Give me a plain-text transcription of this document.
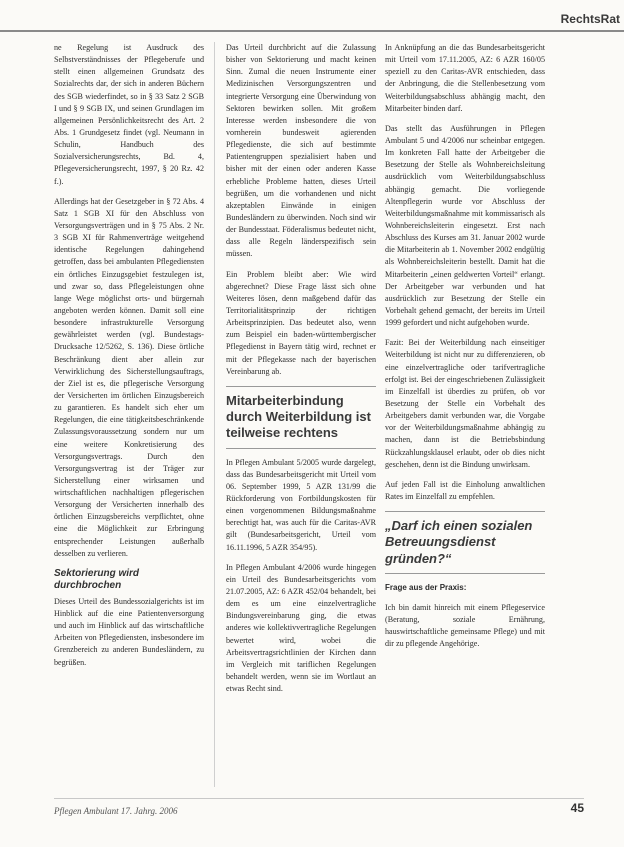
RechtsRat

ne Regelung ist Ausdruck des Selbstverständnisses der Pflegeberufe und stellt einen allgemeinen Grundsatz des Sozialrechts dar, der sich in anderen Büchern des SGB wiederfindet, so in § 33 Satz 2 SGB I und § 9 SGB IX, und seinen Grundlagen im allgemeinen Persönlichkeitsrecht des Art. 2 Abs. 1 Grundgesetz findet (vgl. Neumann in Schulin, Handbuch des Sozialversicherungsrechts, Bd. 4, Pflegeversicherungsrecht, 1997, § 20 Rz. 42 f.).

Allerdings hat der Gesetzgeber in § 72 Abs. 4 Satz 1 SGB XI für den Abschluss von Versorgungsverträgen und in § 75 Abs. 2 Nr. 3 SGB XI für Rahmenverträge weitgehend identische Regelungen dahingehend getroffen, dass bei ambulanten Pflegediensten ein örtliches Einzugsgebiet festzulegen ist, und zwar so, dass Pflegeleistungen ohne lange Wege möglichst orts- und bürgernah angeboten werden können. Damit soll eine besondere infrastrukturelle Versorgung gewährleistet werden (vgl. Bundestags-Drucksache 12/5262, S. 136). Diese örtliche Beschränkung dient aber allein zur Verwirklichung des Sicherstellungsauftrags, der Ziel ist es, die pflegerische Versorgung der Versicherten im örtlichen Einzugsbereich zu garantieren. Es handelt sich eher um Regelungen, die eine tätigkeitsbeschränkende Zulassungsvoraussetzung sondern nur um eine weitere Konkretisierung des Versorgungsvertrags. Durch den Versorgungsvertrag ist der Träger zur Sicherstellung einer wirksamen und wirtschaftlichen nachhaltigen pflegerischen Versorgung der Versicherten innerhalb des örtlichen Einzugsbereichs verpflichtet, ohne eine die Möglichkeit zur Erbringung entsprechender Leistungen außerhalb desselben zu verlieren.

Sektorierung wird durchbrochen

Dieses Urteil des Bundessozialgerichts ist im Hinblick auf die eine Patientenversorgung und auch im Hinblick auf das wirtschaftliche Arbeiten von Pflegediensten, insbesondere im Grenzbereich zu anderen Bundesländern, zu begrüßen.

Das Urteil durchbricht auf die Zulassung bisher von Sektorierung und macht keinen Sinn. Zumal die neuen Instrumente einer Medizinischen Versorgungszentren und integrierte Versorgung eine Überwindung von Sektoren bewirken sollen. Mit großem Interesse werden insbesondere die von vornherein bundesweit agierenden Pflegedienste, die sich auf bestimmte Patientengruppen spezialisiert haben und bisher mit der einen oder anderen Kasse erhebliche Probleme hatten, dieses Urteil begrüßen, um die vorhandenen und nicht akzeptablen Einwände in einigen Bundesländern zu überwinden. Noch sind wir der Bundesstaat. Föderalismus bedeutet nicht, dass alle Regeln länderspezifisch sein müssen.

Ein Problem bleibt aber: Wie wird abgerechnet? Diese Frage lässt sich ohne Weiteres lösen, denn maßgebend dafür das Territorialitätsprinzip der richtigen Arbeitsprinzipien. Das bedeutet also, wenn zum Beispiel ein baden-württembergischer Pflegedienst in Bayern tätig wird, rechnet er mit der Pflegekasse nach der bayerischen Vereinbarung ab.

Mitarbeiterbindung durch Weiterbildung ist teilweise rechtens

In Pflegen Ambulant 5/2005 wurde dargelegt, dass das Bundesarbeitsgericht mit Urteil vom 06. September 1999, 5 AZR 131/99 die Rückforderung von Fortbildungskosten für einen vorgenommenen Bildungsmaßnahme berechtigt hat, was auch für die Caritas-AVR gilt (Bundesarbeitsgericht, Urteil vom 16.11.1996, 5 AZR 354/95).

In Pflegen Ambulant 4/2006 wurde hingegen ein Urteil des Bundesarbeitsgerichts vom 21.07.2005, AZ: 6 AZR 452/04 behandelt, bei dem es um eine einzelvertragliche Bindungsvereinbarung ging, die etwas anderes wie kollektivvertragliche Regelungen bewertet wird, wobei die Arbeitsvertragsrichtlinien der Kirchen dann im Vergleich mit tariflichen Regelungen behandelt werden, wenn sie im Wortlaut an etwas Recht sind.

In Anknüpfung an die das Bundesarbeitsgericht mit Urteil vom 17.11.2005, AZ: 6 AZR 160/05 speziell zu den Caritas-AVR entschieden, dass der Anbringung, die die Stellenbesetzung vom Weiterbildungsabschluss abhängig macht, den Mitarbeiter binden darf.

Das stellt das Ausführungen in Pflegen Ambulant 5 und 4/2006 nur scheinbar entgegen. Im konkreten Fall hatte der Arbeitgeber die Besetzung der Stelle als Wohnbereichsleitung ausdrücklich vom Weiterbildungsabschluss abhängig gemacht. Die vorliegende Altenpflegerin wurde vor Abschluss der Weiterbildungsmaßnahme mit kommissarisch als Wohnbereichsleiterin eingesetzt. Erst nach Abschluss des Kurses am 31. Januar 2002 wurde die Mitarbeiterin ab 1. November 2002 endgültig als Wohnbereichsleiterin bestellt. Damit hat die Mitarbeiterin „einen geldwerten Vorteil“ erlangt. Der Arbeitgeber war verbunden und hat ausdrücklich zur Besetzung der Stelle ein Vorbehalt gehend gemacht, der bereits im Urteil 1999 gefordert und nicht aufgehoben wurde.

Fazit: Bei der Weiterbildung nach einseitiger Weiterbildung ist nicht nur zu differenzieren, ob eine einzelvertragliche oder tarifvertragliche erfolgt ist. Bei der eingeschriebenen Zulässigkeit im Einzelfall ist überdies zu prüfen, ob vor Besetzung der Stelle ein Vorbehalt des Arbeitgebers damit verbunden war, die Vorgabe vor der Weiterbildungsmaßnahme abhängig zu machen, dann ist die Betriebsbindung Rückzahlungsklausel erlaubt, oder ob dies nicht geschehen, denn ist die Bindung unwirksam.

Auf jeden Fall ist die Einholung anwaltlichen Rates im Einzelfall zu empfehlen.

„Darf ich einen sozialen Betreuungsdienst gründen?“

Frage aus der Praxis:

Ich bin damit hinreich mit einem Pflegeservice (Beratung, soziale Ernährung, hauswirtschaftliche gemeinsame Pflege) und mit dir zu pflegende Angehörige.

Pflegen Ambulant 17. Jahrg. 2006	45
